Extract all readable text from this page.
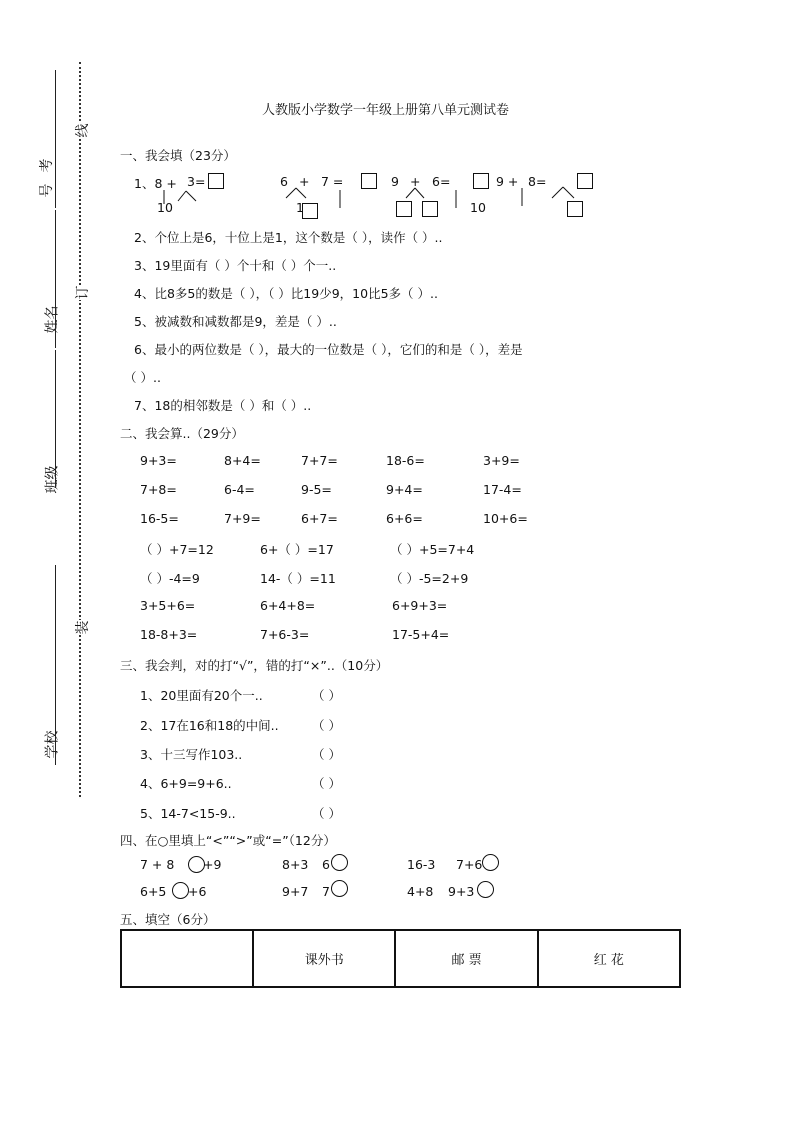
考
号
姓名
班级
学校
线
订
装
人教版小学数学一年级上册第八单元测试卷
一、我会填（23分）
1、8 + 3=
10
6 + 7 =
1
9 + 6=
10
9 + 8=
2、个位上是6，十位上是1，这个数是（ ），读作（ ）..
3、19里面有（ ）个十和（ ）个一..
4、比8多5的数是（ ），（ ）比19少9，10比5多（ ）..
5、被减数和减数都是9，差是（ ）..
6、最小的两位数是（ ），最大的一位数是（ ），它们的和是（ ），差是
（ ）..
7、18的相邻数是（ ）和（ ）..
二、我会算..（29分）
9+3=	8+4=	7+7=	18-6=	3+9=
7+8=	6-4=	9-5=	9+4=	17-4=
16-5=	7+9=	6+7=	6+6=	10+6=
（ ）+7=12	6+（ ）=17	（ ）+5=7+4
（ ）-4=9	14-（ ）=11	（ ）-5=2+9
3+5+6=	6+4+8=	6+9+3=
18-8+3=	7+6-3=	17-5+4=
三、我会判，对的打“√”，错的打“×”..（10分）
1、20里面有20个一..	（ ）
2、17在16和18的中间..	（ ）
3、十三写作103..	（ ）
4、6+9=9+6..	（ ）
5、14-7<15-9..	（ ）
四、在○里填上“<”“>”或“=”（12分）
7 + 8 +9	8+3 6	16-3 7+6
6+5 +6	9+7 7	4+8 9+3
五、填空（6分）
	课外书	邮 票	红 花
